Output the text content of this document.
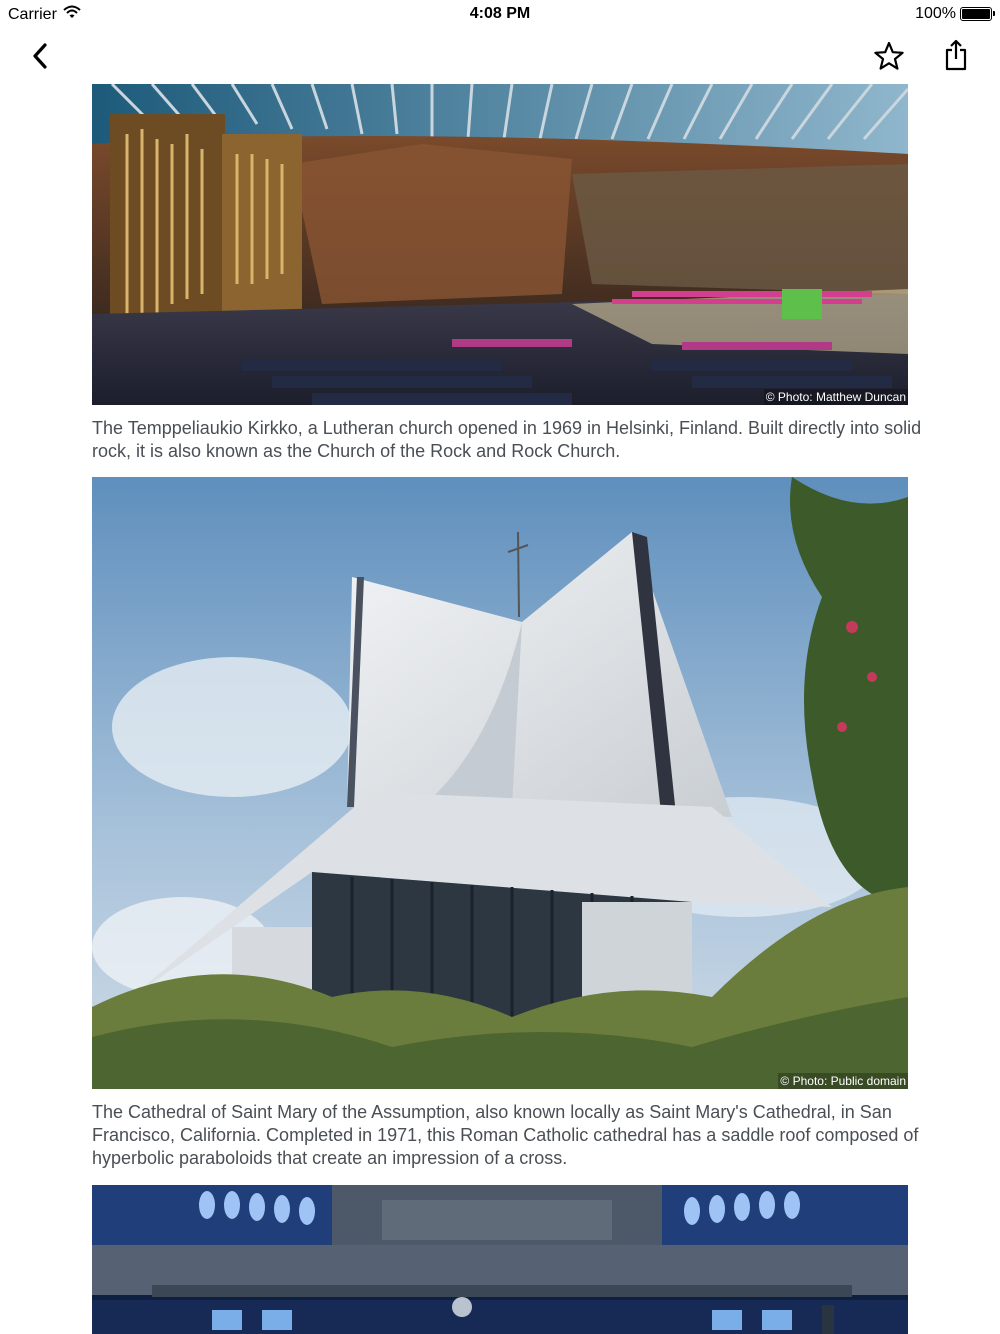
Carrier	4:08 PM	100%
© Photo: Matthew Duncan
The Temppeliaukio Kirkko, a Lutheran church opened in 1969 in Helsinki, Finland. Built directly into solid rock, it is also known as the Church of the Rock and Rock Church.
© Photo: Public domain
The Cathedral of Saint Mary of the Assumption, also known locally as Saint Mary's Cathedral, in San Francisco, California. Completed in 1971, this Roman Catholic cathedral has a saddle roof composed of hyperbolic paraboloids that create an impression of a cross.
